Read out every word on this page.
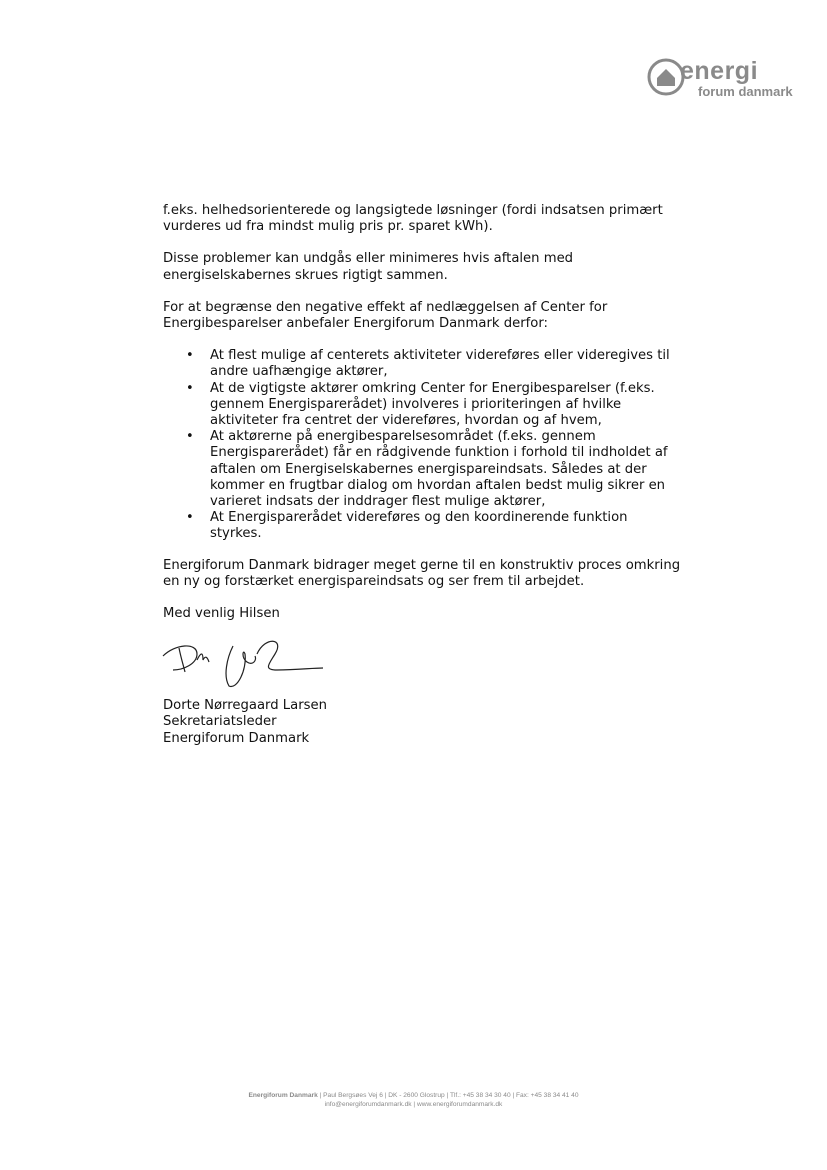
energi
forum danmark

f.eks. helhedsorienterede og langsigtede løsninger (fordi indsatsen primært vurderes ud fra mindst mulig pris pr. sparet kWh).

Disse problemer kan undgås eller minimeres hvis aftalen med energiselskabernes skrues rigtigt sammen.

For at begrænse den negative effekt af nedlæggelsen af Center for Energibesparelser anbefaler Energiforum Danmark derfor:

• At flest mulige af centerets aktiviteter videreføres eller videregives til andre uafhængige aktører,
• At de vigtigste aktører omkring Center for Energibesparelser (f.eks. gennem Energisparerådet) involveres i prioriteringen af hvilke aktiviteter fra centret der videreføres, hvordan og af hvem,
• At aktørerne på energibesparelsesområdet (f.eks. gennem Energisparerådet) får en rådgivende funktion i forhold til indholdet af aftalen om Energiselskabernes energispareindsats. Således at der kommer en frugtbar dialog om hvordan aftalen bedst mulig sikrer en varieret indsats der inddrager flest mulige aktører,
• At Energisparerådet videreføres og den koordinerende funktion styrkes.

Energiforum Danmark bidrager meget gerne til en konstruktiv proces omkring en ny og forstærket energispareindsats og ser frem til arbejdet.

Med venlig Hilsen

Dorte Nørregaard Larsen
Sekretariatsleder
Energiforum Danmark
Energiforum Danmark | Paul Bergsøes Vej 6 | DK - 2600 Glostrup | Tlf.: +45 38 34 30 40 | Fax: +45 38 34 41 40
info@energiforumdanmark.dk | www.energiforumdanmark.dk
